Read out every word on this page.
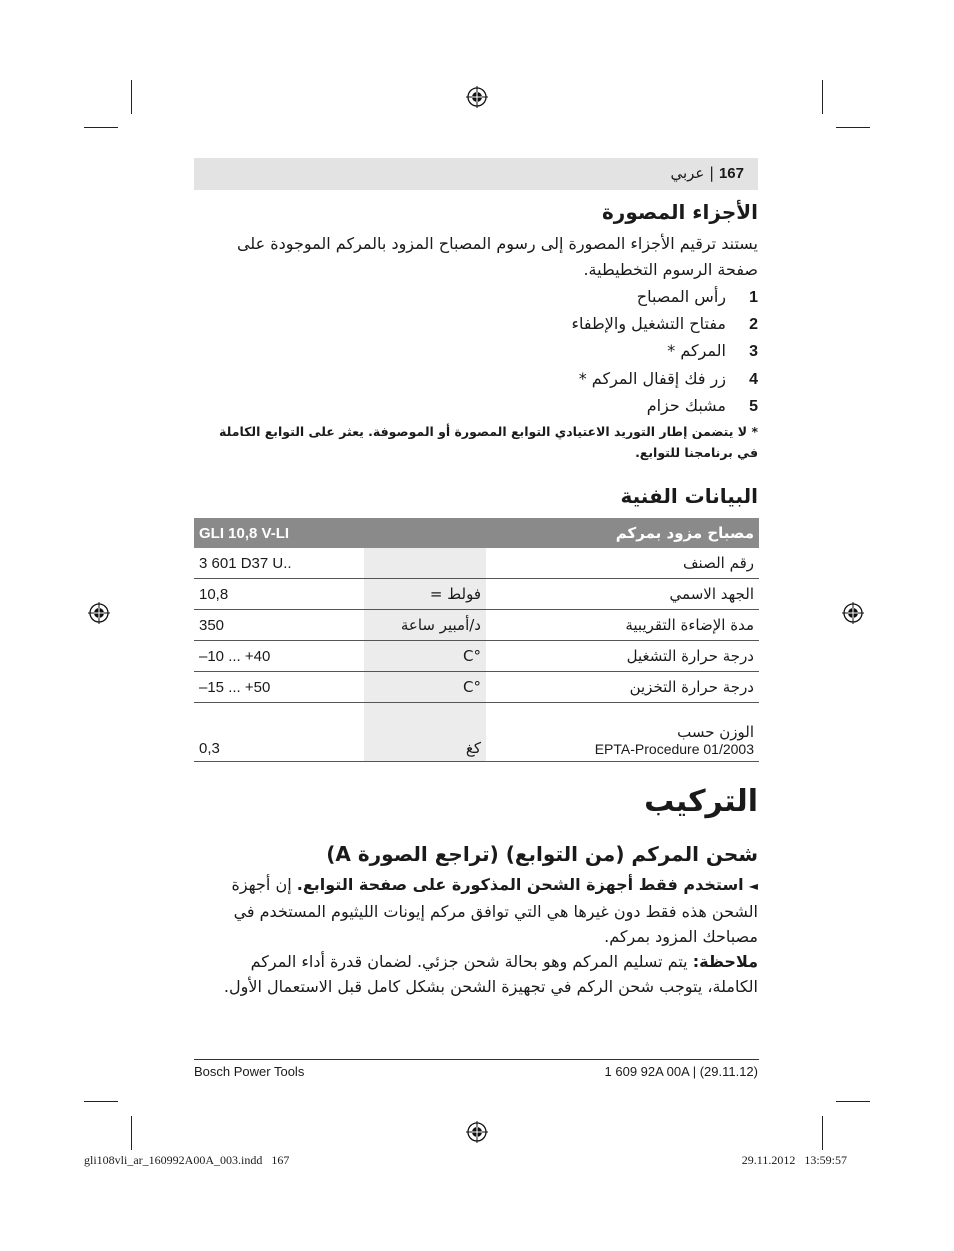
167 | عربي
الأجزاء المصورة
يستند ترقيم الأجزاء المصورة إلى رسوم المصباح المزود بالمركم الموجودة على صفحة الرسوم التخطيطية.
1رأس المصباح
2مفتاح التشغيل والإطفاء
3المركم *
4زر فك إقفال المركم *
5مشبك حزام
* لا يتضمن إطار التوريد الاعتيادي التوابع المصورة أو الموصوفة. يعثر على التوابع الكاملة في برنامجنا للتوابع.
البيانات الفنية
GLI 10,8 V-LI		مصباح مزود بمركم
3 601 D37 U..		رقم الصنف
10,8	فولط =	الجهد الاسمي
350	د/أمبير ساعة	مدة الإضاءة التقريبية
–10 ... +40	°C	درجة حرارة التشغيل
–15 ... +50	°C	درجة حرارة التخزين
0,3	كغ	الوزن حسب
EPTA-Procedure 01/2003
التركيب
شحن المركم (من التوابع) (تراجع الصورة A)
◄ استخدم فقط أجهزة الشحن المذكورة على صفحة التوابع. إن أجهزة الشحن هذه فقط دون غيرها هي التي توافق مركم إيونات الليثيوم المستخدم في مصباحك المزود بمركم.
ملاحظة: يتم تسليم المركم وهو بحالة شحن جزئي. لضمان قدرة أداء المركم الكاملة، يتوجب شحن الركم في تجهيزة الشحن بشكل كامل قبل الاستعمال الأول.
Bosch Power Tools	1 609 92A 00A | (29.11.12)
gli108vli_ar_160992A00A_003.indd   167	29.11.2012   13:59:57
